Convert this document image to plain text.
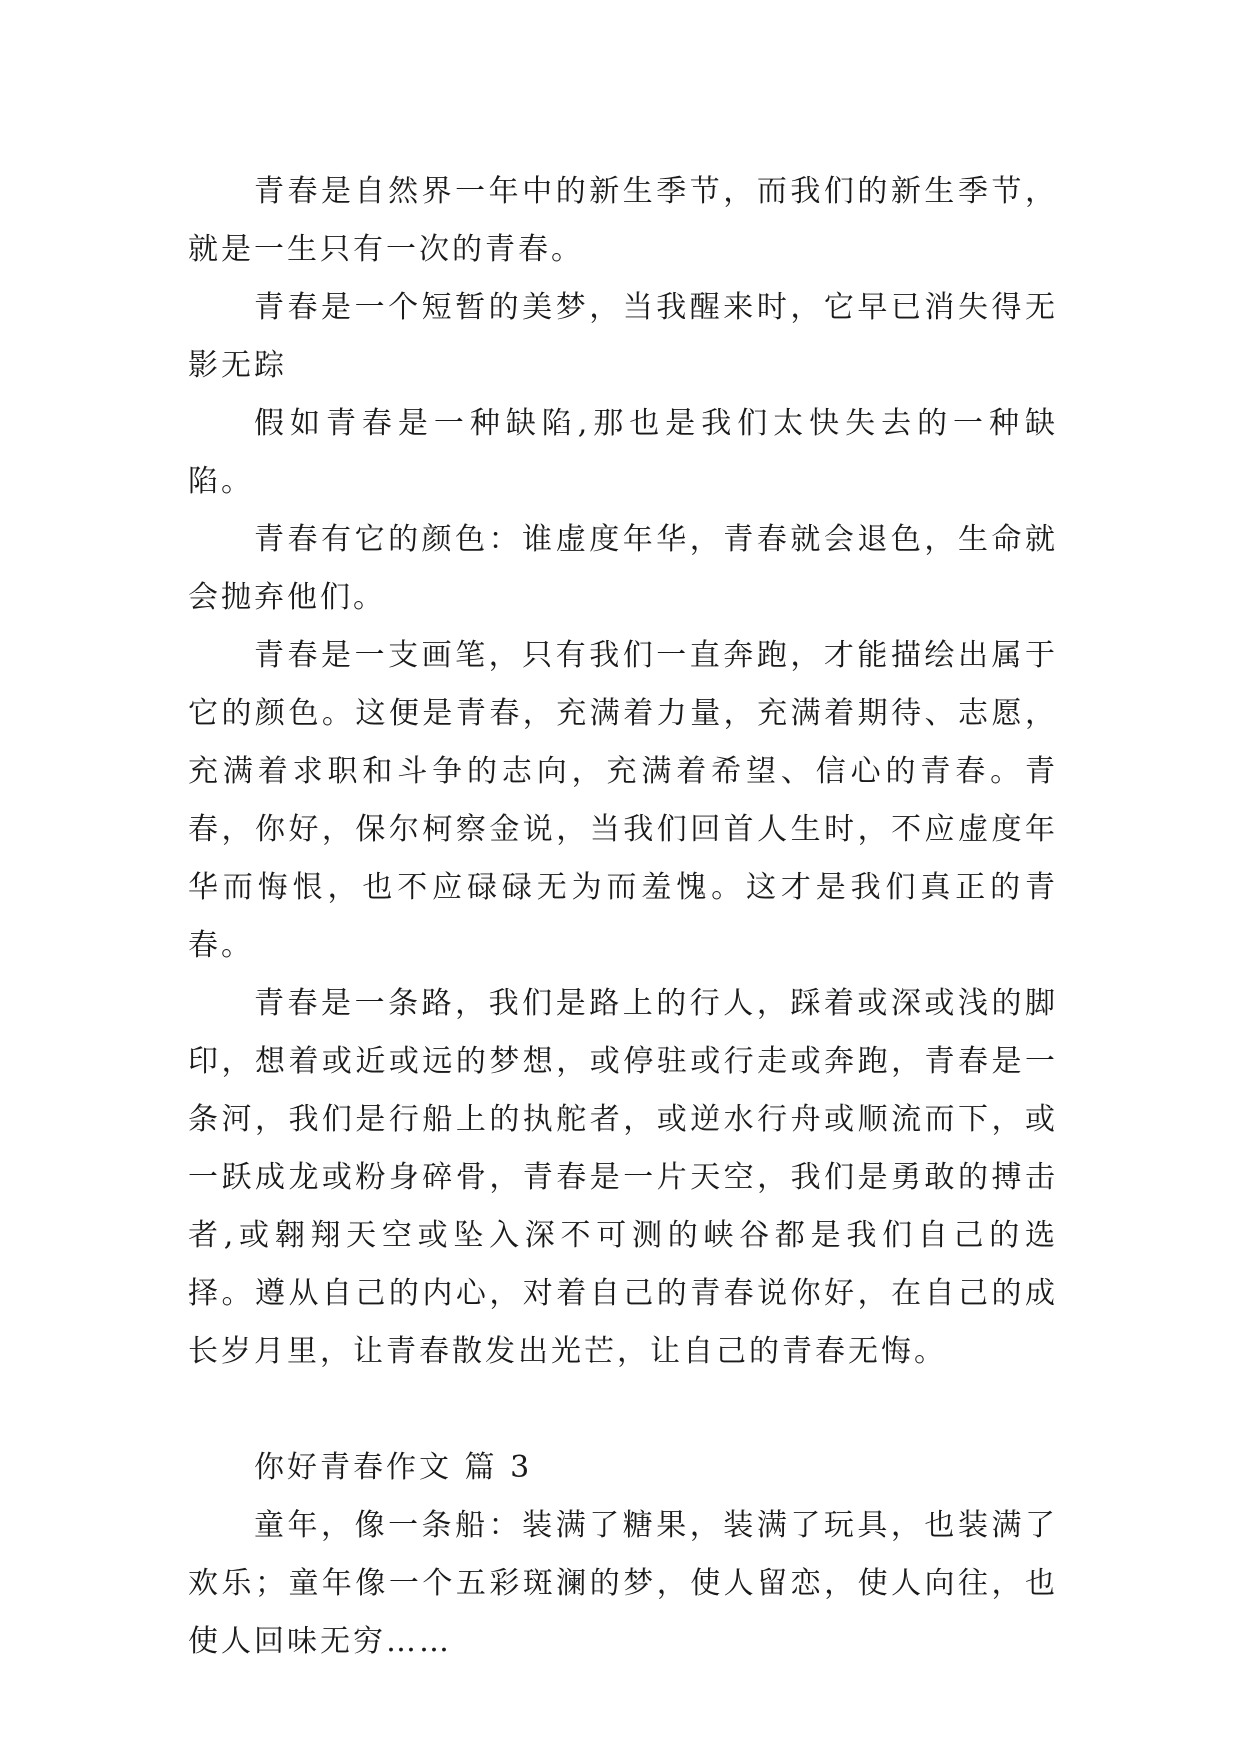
青春是自然界一年中的新生季节，而我们的新生季节，就是一生只有一次的青春。

青春是一个短暂的美梦，当我醒来时，它早已消失得无影无踪

假如青春是一种缺陷,那也是我们太快失去的一种缺陷。

青春有它的颜色：谁虚度年华，青春就会退色，生命就会抛弃他们。

青春是一支画笔，只有我们一直奔跑，才能描绘出属于它的颜色。这便是青春，充满着力量，充满着期待、志愿，充满着求职和斗争的志向，充满着希望、信心的青春。青春，你好，保尔柯察金说，当我们回首人生时，不应虚度年华而悔恨，也不应碌碌无为而羞愧。这才是我们真正的青春。

青春是一条路，我们是路上的行人，踩着或深或浅的脚印，想着或近或远的梦想，或停驻或行走或奔跑，青春是一条河，我们是行船上的执舵者，或逆水行舟或顺流而下，或一跃成龙或粉身碎骨，青春是一片天空，我们是勇敢的搏击者,或翱翔天空或坠入深不可测的峡谷都是我们自己的选择。遵从自己的内心，对着自己的青春说你好，在自己的成长岁月里，让青春散发出光芒，让自己的青春无悔。

你好青春作文 篇 3

童年，像一条船：装满了糖果，装满了玩具，也装满了欢乐；童年像一个五彩斑澜的梦，使人留恋，使人向往，也使人回味无穷……
